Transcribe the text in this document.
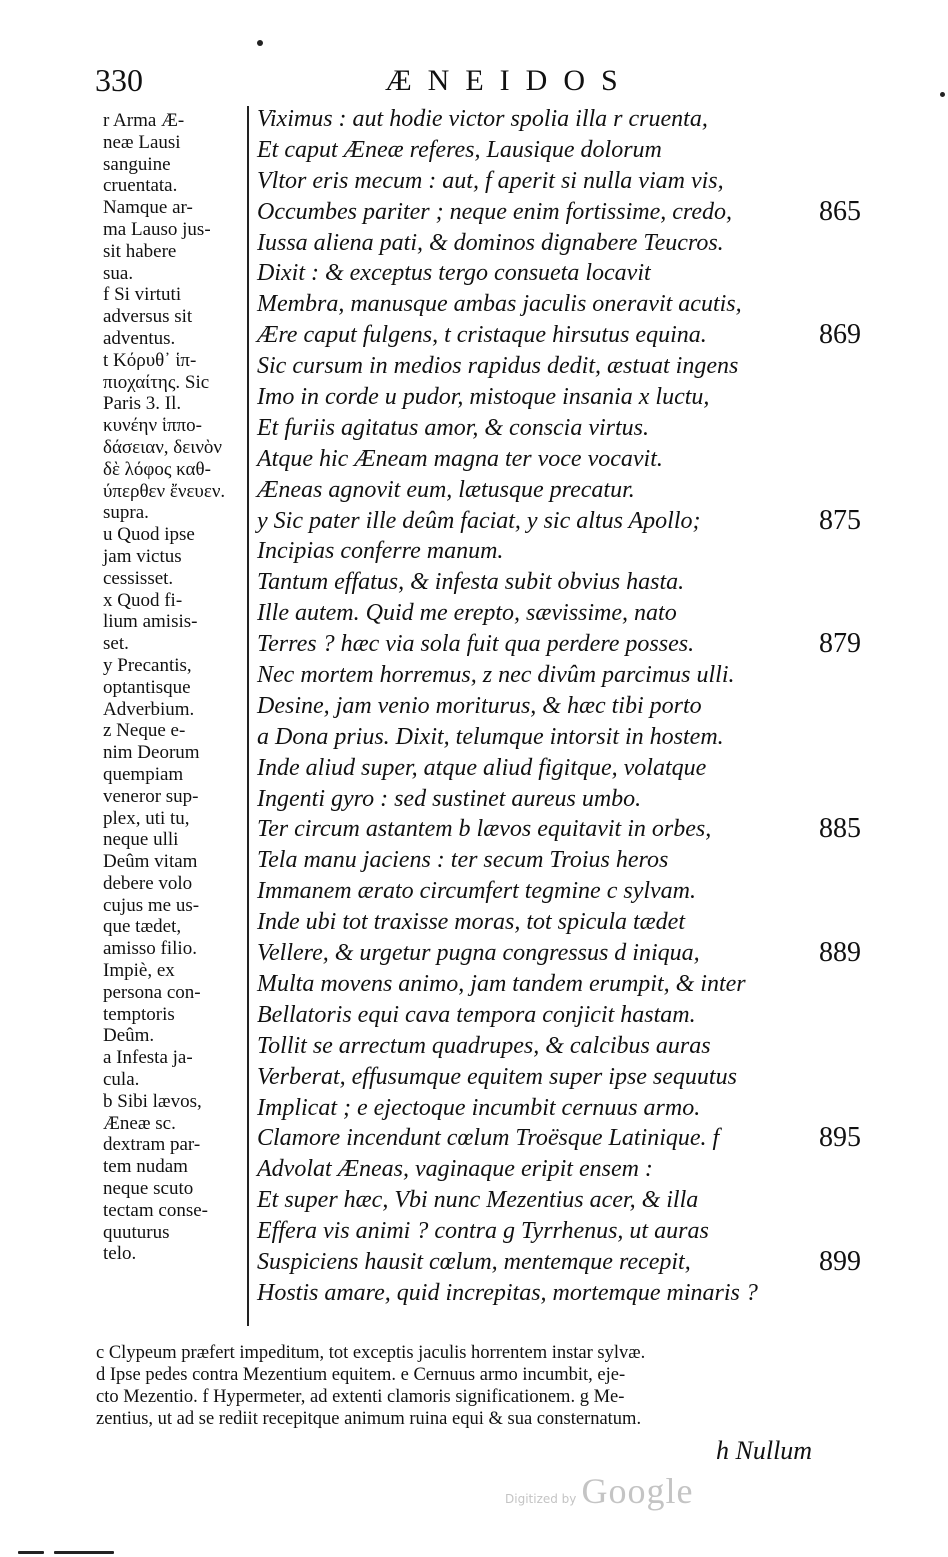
330	ÆNEIDOS

r Arma Æ-
neæ Lausi
sanguine
cruentata.
Namque ar-
ma Lauso jus-
sit habere
sua.

f Si virtuti
adversus sit
adventus.

t Κόρυθ᾽ ἱπ-
πιοχαίτης. Sic
Paris 3. Il.
κυνέην ἱππο-
δάσειαν, δεινὸν
δὲ λόφος καθ-
ύπερθεν ἔνευεν.
supra.

u Quod ipse
jam victus
cessisset.

x Quod fi-
lium amisis-
set.

y Precantis,
optantisque
Adverbium.

z Neque e-
nim Deorum
quempiam
veneror sup-
plex, uti tu,
neque ulli
Deûm vitam
debere volo
cujus me us-
que tædet,
amisso filio.
Impiè, ex
persona con-
temptoris
Deûm.

a Infesta ja-
cula.

b Sibi lævos,
Æneæ sc.
dextram par-
tem nudam
neque scuto
tectam conse-
quuturus
telo.

Viximus : aut hodie victor spolia illa r cruenta,
Et caput Æneæ referes, Lausique dolorum
Vltor eris mecum : aut, f aperit si nulla viam vis,
Occumbes pariter ; neque enim fortissime, credo,	865
Iussa aliena pati, & dominos dignabere Teucros.
Dixit : & exceptus tergo consueta locavit
Membra, manusque ambas jaculis oneravit acutis,
Ære caput fulgens, t cristaque hirsutus equina.	869
Sic cursum in medios rapidus dedit, æstuat ingens
Imo in corde u pudor, mistoque insania x luctu,
Et furiis agitatus amor, & conscia virtus.
Atque hic Æneam magna ter voce vocavit.
Æneas agnovit eum, lætusque precatur.
y Sic pater ille deûm faciat, y sic altus Apollo;	875
Incipias conferre manum.
Tantum effatus, & infesta subit obvius hasta.
Ille autem. Quid me erepto, sævissime, nato
Terres ? hæc via sola fuit qua perdere posses.	879
Nec mortem horremus, z nec divûm parcimus ulli.
Desine, jam venio moriturus, & hæc tibi porto
a Dona prius. Dixit, telumque intorsit in hostem.
Inde aliud super, atque aliud figitque, volatque
Ingenti gyro : sed sustinet aureus umbo.
Ter circum astantem b lævos equitavit in orbes,	885
Tela manu jaciens : ter secum Troius heros
Immanem ærato circumfert tegmine c sylvam.
Inde ubi tot traxisse moras, tot spicula tædet
Vellere, & urgetur pugna congressus d iniqua,	889
Multa movens animo, jam tandem erumpit, & inter
Bellatoris equi cava tempora conjicit hastam.
Tollit se arrectum quadrupes, & calcibus auras
Verberat, effusumque equitem super ipse sequutus
Implicat ; e ejectoque incumbit cernuus armo.
Clamore incendunt cœlum Troësque Latinique. f	895
Advolat Æneas, vaginaque eripit ensem :
Et super hæc, Vbi nunc Mezentius acer, & illa
Effera vis animi ? contra g Tyrrhenus, ut auras
Suspiciens hausit cœlum, mentemque recepit,	899
Hostis amare, quid increpitas, mortemque minaris ?

c Clypeum præfert impeditum, tot exceptis jaculis horrentem instar sylvæ.

d Ipse pedes contra Mezentium equitem. e Cernuus armo incumbit, eje-

cto Mezentio. f Hypermeter, ad extenti clamoris significationem. g Me-

zentius, ut ad se rediit recepitque animum ruina equi & sua consternatum.

h Nullum
Digitized by Google
